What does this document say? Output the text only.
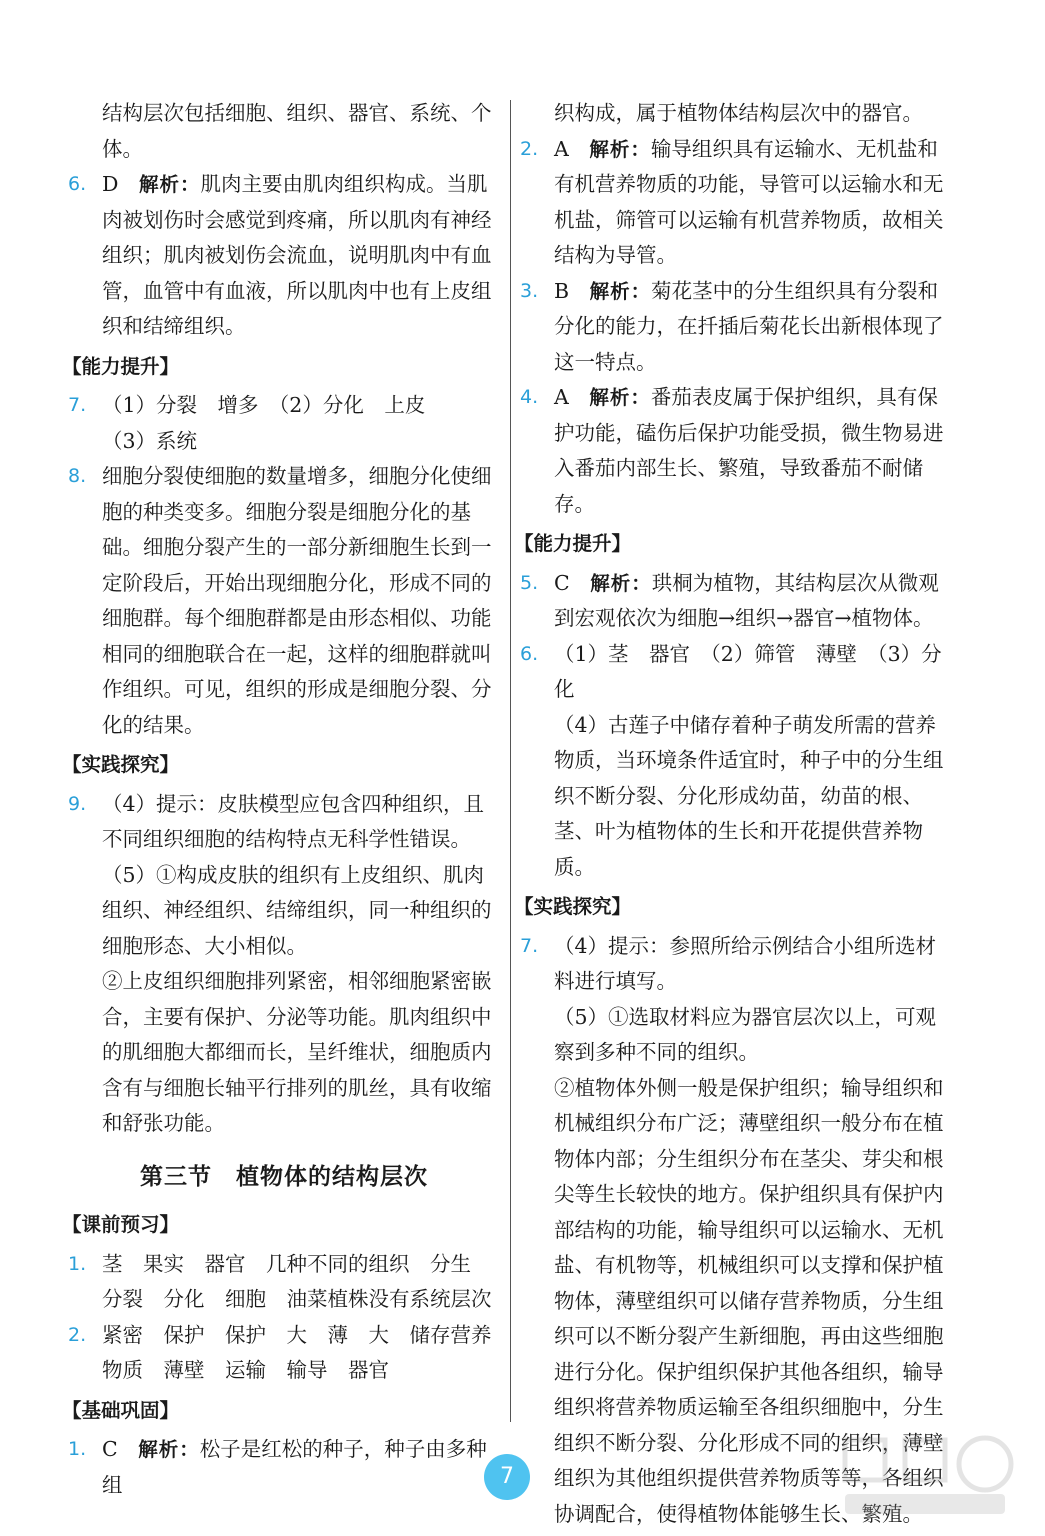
结构层次包括细胞、组织、器官、系统、个体。

6. D　 解析：肌肉主要由肌肉组织构成。当肌肉被划伤时会感觉到疼痛，所以肌肉有神经组织；肌肉被划伤会流血，说明肌肉中有血管，血管中有血液，所以肌肉中也有上皮组织和结缔组织。
【能力提升】
7. （1）分裂　增多　（2）分化　上皮
（3）系统
8. 细胞分裂使细胞的数量增多，细胞分化使细胞的种类变多。细胞分裂是细胞分化的基础。细胞分裂产生的一部分新细胞生长到一定阶段后，开始出现细胞分化，形成不同的细胞群。每个细胞群都是由形态相似、功能相同的细胞联合在一起，这样的细胞群就叫作组织。可见，组织的形成是细胞分裂、分化的结果。
【实践探究】
9. （4）提示：皮肤模型应包含四种组织，且不同组织细胞的结构特点无科学性错误。
（5）①构成皮肤的组织有上皮组织、肌肉组织、神经组织、结缔组织，同一种组织的细胞形态、大小相似。
②上皮组织细胞排列紧密，相邻细胞紧密嵌合，主要有保护、分泌等功能。肌肉组织中的肌细胞大都细而长，呈纤维状，细胞质内含有与细胞长轴平行排列的肌丝，具有收缩和舒张功能。
第三节　植物体的结构层次
【课前预习】
1. 茎　果实　器官　几种不同的组织　分生　分裂　分化　细胞　油菜植株没有系统层次
2. 紧密　保护　保护　大　薄　大　储存营养物质　薄壁　运输　输导　器官
【基础巩固】
1. C　 解析：松子是红松的种子，种子由多种组

织构成，属于植物体结构层次中的器官。

2. A　 解析：输导组织具有运输水、无机盐和有机营养物质的功能，导管可以运输水和无机盐，筛管可以运输有机营养物质，故相关结构为导管。
3. B　 解析：菊花茎中的分生组织具有分裂和分化的能力，在扦插后菊花长出新根体现了这一特点。
4. A　 解析：番茄表皮属于保护组织，具有保护功能，磕伤后保护功能受损，微生物易进入番茄内部生长、繁殖，导致番茄不耐储存。
【能力提升】
5. C　 解析：珙桐为植物，其结构层次从微观到宏观依次为细胞→组织→器官→植物体。
6. （1）茎　器官　（2）筛管　薄壁　（3）分化
（4）古莲子中储存着种子萌发所需的营养物质，当环境条件适宜时，种子中的分生组织不断分裂、分化形成幼苗，幼苗的根、茎、叶为植物体的生长和开花提供营养物质。
【实践探究】
7. （4）提示：参照所给示例结合小组所选材料进行填写。
（5）①选取材料应为器官层次以上，可观察到多种不同的组织。
②植物体外侧一般是保护组织；输导组织和机械组织分布广泛；薄壁组织一般分布在植物体内部；分生组织分布在茎尖、芽尖和根尖等生长较快的地方。保护组织具有保护内部结构的功能，输导组织可以运输水、无机盐、有机物等，机械组织可以支撑和保护植物体，薄壁组织可以储存营养物质，分生组织可以不断分裂产生新细胞，再由这些细胞进行分化。保护组织保护其他各组织，输导组织将营养物质运输至各组织细胞中，分生组织不断分裂、分化形成不同的组织，薄壁组织为其他组织提供营养物质等等，各组织协调配合，使得植物体能够生长、繁殖。
7
